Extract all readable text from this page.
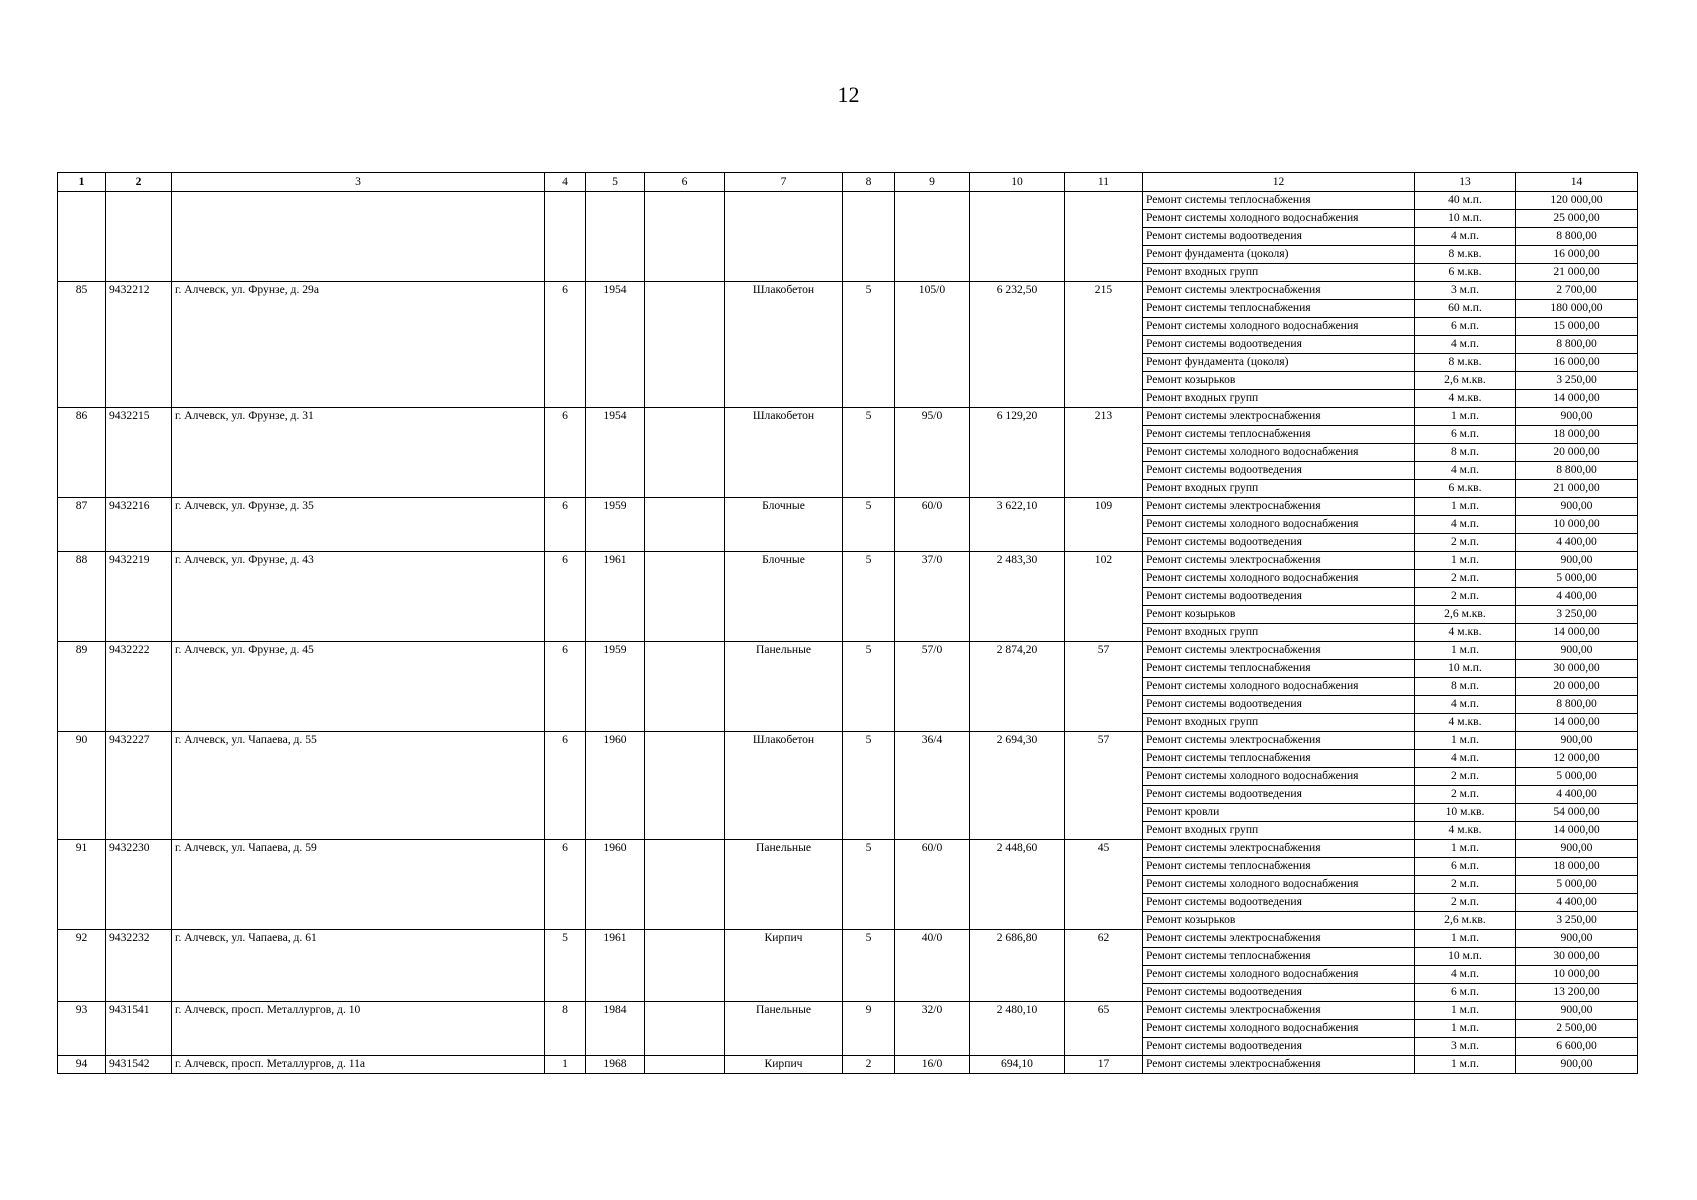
12
1	2	3	4	5	6	7	8	9	10	11	12	13	14
											Ремонт системы теплоснабжения	40 м.п.	120 000,00
											Ремонт системы холодного водоснабжения	10 м.п.	25 000,00
											Ремонт системы водоотведения	4 м.п.	8 800,00
											Ремонт фундамента (цоколя)	8 м.кв.	16 000,00
											Ремонт входных групп	6 м.кв.	21 000,00
85	9432212	г. Алчевск, ул. Фрунзе, д. 29а	6	1954		Шлакобетон	5	105/0	6 232,50	215	Ремонт системы электроснабжения	3 м.п.	2 700,00
											Ремонт системы теплоснабжения	60 м.п.	180 000,00
											Ремонт системы холодного водоснабжения	6 м.п.	15 000,00
											Ремонт системы водоотведения	4 м.п.	8 800,00
											Ремонт фундамента (цоколя)	8 м.кв.	16 000,00
											Ремонт козырьков	2,6 м.кв.	3 250,00
											Ремонт входных групп	4 м.кв.	14 000,00
86	9432215	г. Алчевск, ул. Фрунзе, д. 31	6	1954		Шлакобетон	5	95/0	6 129,20	213	Ремонт системы электроснабжения	1 м.п.	900,00
											Ремонт системы теплоснабжения	6 м.п.	18 000,00
											Ремонт системы холодного водоснабжения	8 м.п.	20 000,00
											Ремонт системы водоотведения	4 м.п.	8 800,00
											Ремонт входных групп	6 м.кв.	21 000,00
87	9432216	г. Алчевск, ул. Фрунзе, д. 35	6	1959		Блочные	5	60/0	3 622,10	109	Ремонт системы электроснабжения	1 м.п.	900,00
											Ремонт системы холодного водоснабжения	4 м.п.	10 000,00
											Ремонт системы водоотведения	2 м.п.	4 400,00
88	9432219	г. Алчевск, ул. Фрунзе, д. 43	6	1961		Блочные	5	37/0	2 483,30	102	Ремонт системы электроснабжения	1 м.п.	900,00
											Ремонт системы холодного водоснабжения	2 м.п.	5 000,00
											Ремонт системы водоотведения	2 м.п.	4 400,00
											Ремонт козырьков	2,6 м.кв.	3 250,00
											Ремонт входных групп	4 м.кв.	14 000,00
89	9432222	г. Алчевск, ул. Фрунзе, д. 45	6	1959		Панельные	5	57/0	2 874,20	57	Ремонт системы электроснабжения	1 м.п.	900,00
											Ремонт системы теплоснабжения	10 м.п.	30 000,00
											Ремонт системы холодного водоснабжения	8 м.п.	20 000,00
											Ремонт системы водоотведения	4 м.п.	8 800,00
											Ремонт входных групп	4 м.кв.	14 000,00
90	9432227	г. Алчевск, ул. Чапаева, д. 55	6	1960		Шлакобетон	5	36/4	2 694,30	57	Ремонт системы электроснабжения	1 м.п.	900,00
											Ремонт системы теплоснабжения	4 м.п.	12 000,00
											Ремонт системы холодного водоснабжения	2 м.п.	5 000,00
											Ремонт системы водоотведения	2 м.п.	4 400,00
											Ремонт кровли	10 м.кв.	54 000,00
											Ремонт входных групп	4 м.кв.	14 000,00
91	9432230	г. Алчевск, ул. Чапаева, д. 59	6	1960		Панельные	5	60/0	2 448,60	45	Ремонт системы электроснабжения	1 м.п.	900,00
											Ремонт системы теплоснабжения	6 м.п.	18 000,00
											Ремонт системы холодного водоснабжения	2 м.п.	5 000,00
											Ремонт системы водоотведения	2 м.п.	4 400,00
											Ремонт козырьков	2,6 м.кв.	3 250,00
92	9432232	г. Алчевск, ул. Чапаева, д. 61	5	1961		Кирпич	5	40/0	2 686,80	62	Ремонт системы электроснабжения	1 м.п.	900,00
											Ремонт системы теплоснабжения	10 м.п.	30 000,00
											Ремонт системы холодного водоснабжения	4 м.п.	10 000,00
											Ремонт системы водоотведения	6 м.п.	13 200,00
93	9431541	г. Алчевск, просп. Металлургов, д. 10	8	1984		Панельные	9	32/0	2 480,10	65	Ремонт системы электроснабжения	1 м.п.	900,00
											Ремонт системы холодного водоснабжения	1 м.п.	2 500,00
											Ремонт системы водоотведения	3 м.п.	6 600,00
94	9431542	г. Алчевск, просп. Металлургов, д. 11а	1	1968		Кирпич	2	16/0	694,10	17	Ремонт системы электроснабжения	1 м.п.	900,00
